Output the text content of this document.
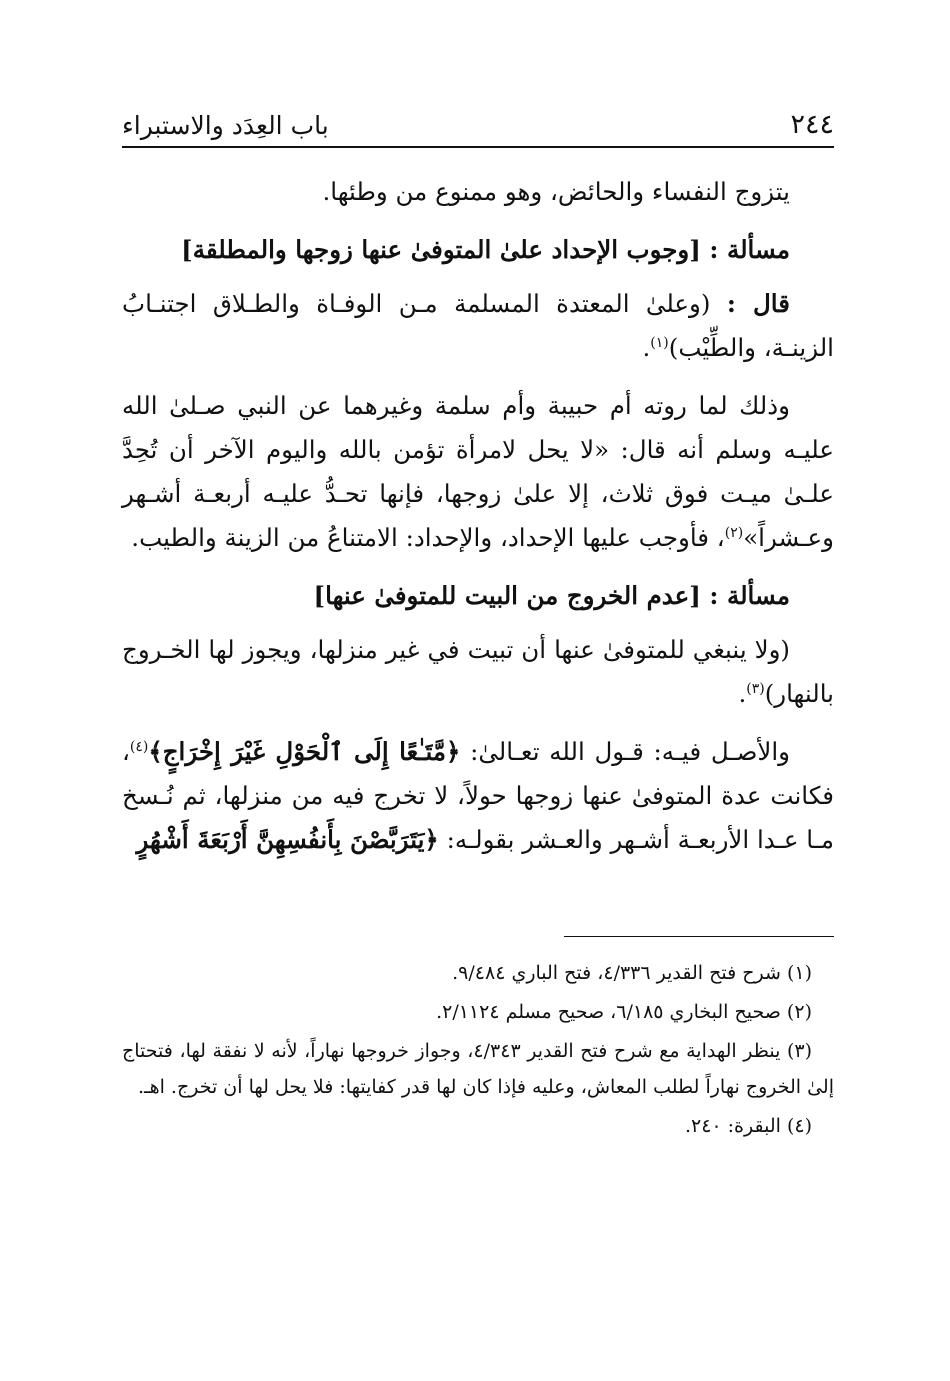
٢٤٤
باب العِدَد والاستبراء

يتزوج النفساء والحائض، وهو ممنوع من وطئها.

مسألة : [وجوب الإحداد علىٰ المتوفىٰ عنها زوجها والمطلقة]

قال : (وعلىٰ المعتدة المسلمة مـن الوفـاة والطـلاق اجتنـابُ الزينـة، والطِّيْب)$^{(١)}$.

وذلك لما روته أم حبيبة وأم سلمة وغيرهما عن النبي صـلىٰ الله عليـه وسلم أنه قال: «لا يحل لامرأة تؤمن بالله واليوم الآخر أن تُحِدَّ علـىٰ ميـت فوق ثلاث، إلا علىٰ زوجها، فإنها تحـدُّ عليـه أربعـة أشـهر وعـشراً»$^{(٢)}$، فأوجب عليها الإحداد، والإحداد: الامتناعُ من الزينة والطيب.

مسألة : [عدم الخروج من البيت للمتوفىٰ عنها]

(ولا ينبغي للمتوفىٰ عنها أن تبيت في غير منزلها، ويجوز لها الخـروج بالنهار)$^{(٣)}$.

والأصـل فيـه: قـول الله تعـالىٰ: ﴿مَّتَـٰعًا إِلَى ٱلْحَوْلِ غَيْرَ إِخْرَاجٍ﴾$^{(٤)}$، فكانت عدة المتوفىٰ عنها زوجها حولاً، لا تخرج فيه من منزلها، ثم نُـسخ مـا عـدا الأربعـة أشـهر والعـشر بقولـه: ﴿يَتَرَبَّصْنَ بِأَنفُسِهِنَّ أَرْبَعَةَ أَشْهُرٍ

(١) شرح فتح القدير ٤/٣٣٦، فتح الباري ٩/٤٨٤.

(٢) صحيح البخاري ٦/١٨٥، صحيح مسلم ٢/١١٢٤.

(٣) ينظر الهداية مع شرح فتح القدير ٤/٣٤٣، وجواز خروجها نهاراً، لأنه لا نفقة لها، فتحتاج إلىٰ الخروج نهاراً لطلب المعاش، وعليه فإذا كان لها قدر كفايتها: فلا يحل لها أن تخرج. اهـ.

(٤) البقرة: ٢٤٠.
